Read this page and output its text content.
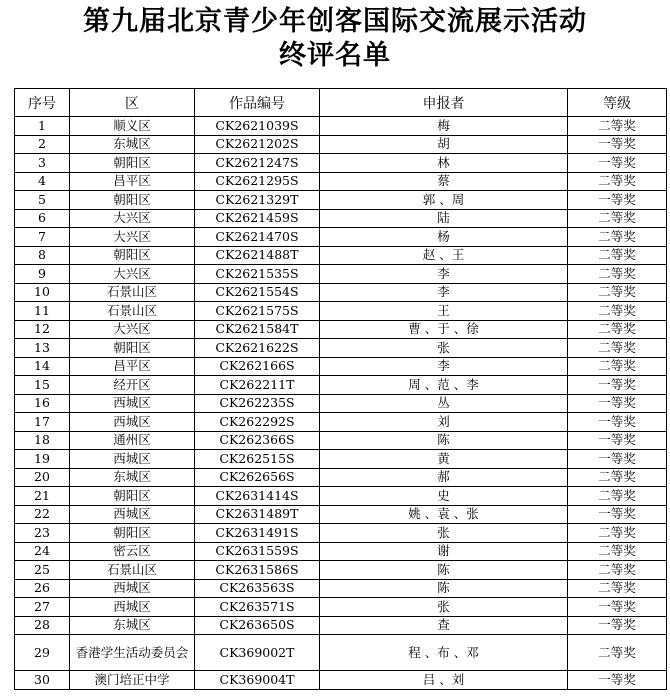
第九届北京青少年创客国际交流展示活动
终评名单
序号	区	作品编号	申报者	等级
1	顺义区	CK2621039S	梅	二等奖
2	东城区	CK2621202S	胡	一等奖
3	朝阳区	CK2621247S	林	一等奖
4	昌平区	CK2621295S	蔡	二等奖
5	朝阳区	CK2621329T	郭 、周	一等奖
6	大兴区	CK2621459S	陆	二等奖
7	大兴区	CK2621470S	杨	二等奖
8	朝阳区	CK2621488T	赵 、王	二等奖
9	大兴区	CK2621535S	李	二等奖
10	石景山区	CK2621554S	李	二等奖
11	石景山区	CK2621575S	王	二等奖
12	大兴区	CK2621584T	曹 、于 、徐	二等奖
13	朝阳区	CK2621622S	张	二等奖
14	昌平区	CK262166S	李	二等奖
15	经开区	CK262211T	周 、范 、李	一等奖
16	西城区	CK262235S	丛	一等奖
17	西城区	CK262292S	刘	一等奖
18	通州区	CK262366S	陈	一等奖
19	西城区	CK262515S	黄	一等奖
20	东城区	CK262656S	郝	二等奖
21	朝阳区	CK2631414S	史	二等奖
22	西城区	CK2631489T	姚 、袁 、张	一等奖
23	朝阳区	CK2631491S	张	二等奖
24	密云区	CK2631559S	谢	二等奖
25	石景山区	CK2631586S	陈	二等奖
26	西城区	CK263563S	陈	二等奖
27	西城区	CK263571S	张	一等奖
28	东城区	CK263650S	查	一等奖
29	香港学生活动委员会	CK369002T	程 、布 、邓	二等奖
30	澳门培正中学	CK369004T	吕 、刘	一等奖
